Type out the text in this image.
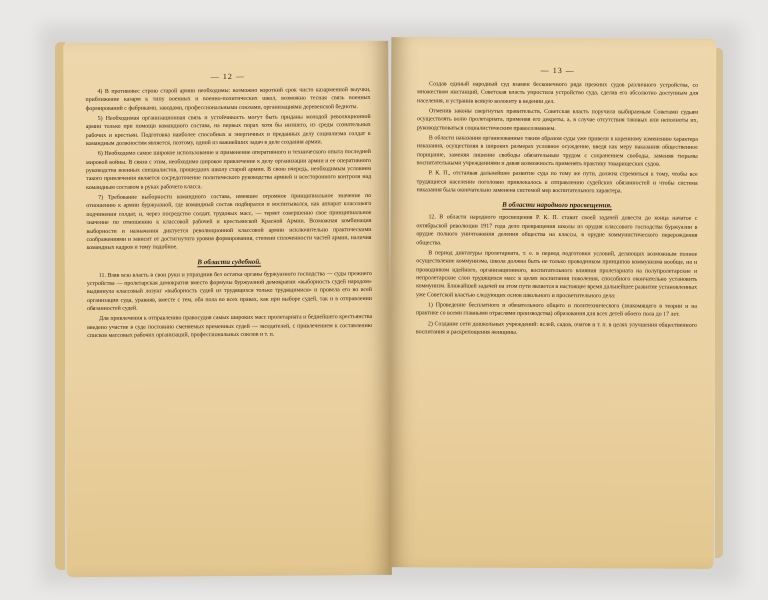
— 12 —

4) В противовес строю старой армии необходимы: возможно короткий срок чисто казарменной выучки, приближение казарм к типу военных и военно-политических школ, возможно тесная связь военных формирований с фабриками, заводами, профессиональными союзами, организациями деревенской бедноты.

5) Необходимая организационная связь и устойчивость могут быть приданы молодой революционной армии только при помощи командного состава, на первых порах хотя бы низшего, из среды сознательных рабочих и крестьян. Подготовка наиболее способных и энергичных и преданных делу социализма солдат к командным должностям является, поэтому, одной из важнейших задач в деле создания армии.

6) Необходимо самое широкое использование и применение оперативного и технического опыта последней мировой войны. В связи с этим, необходимо широкое привлечение к делу организации армии и ее оперативного руководства военных специалистов, прошедших школу старой армии. В свою очередь, необходимым условием такого привлечения является сосредоточение политического руководства армией и всесторонного контроля над командным составом в руках рабочего класса.

7) Требование выборности командного состава, имевшее огромное принципиальное значение по отношению к армии буржуазной, где командный состав подбирался и воспитывался, как аппарат классового подчинения солдат, и, через посредство солдат, трудовых масс, — теряет совершенно свое принципиальное значение по отношению к классовой рабочей и крестьянской Красной Армии. Возможная комбинация выборности и назначения диктуется революционной классовой армии исключительно практическими соображениями и зависит от достигнутого уровня формирования, степени сплоченности частей армии, наличия командных кадров и тому подобное.

В области судебной.

11. Взяв всю власть в свои руки и упразднив без остатка органы буржуазного господства — суды прежнего устройства — пролетарская демократия вместо формулы буржуазной демократии «выборность судей народом» выдвинула классовый лозунг «выборность судей из трудящихся только трудящимися» и провела его во всей организации суда, уравняв, вместе с тем, оба пола во всех правах, как при выборе судей, так и в отправлении обязанностей судей.

Для привлечения к отправлению правосудия самых широких масс пролетариата и беднейшего крестьянства введено участие в суде постоянно сменяемых временных судей — заседателей, с привлечением к составлению списков массовых рабочих организаций, профессиональных союзов и т. п.

— 13 —

Создав единый народный суд взамен бесконечного ряда прежних судов различного устройства, со множеством инстанций, Советская власть упростила устройство суда, сделав его абсолютно доступным для населения, и устранив всякую волокиту в ведении дел.

Отменив законы свергнутых правительств, Советская власть поручила выбираемым Советами судьям осуществлять волю пролетариата, применяя его декреты, а, в случае отсутствия таковых или неполноты их, руководствоваться социалистическим правосознанием.

В области наказания организованные таким образом суды уже привели к коренному изменению характера наказания, осуществляя в широких размерах условное осуждение, введя как меру наказания общественное порицание, заменяя лишение свободы обязательным трудом с сохранением свободы, заменяя тюрьмы воспитательными учреждениями и давая возможность применять практику товарищеских судов.

Р. К. П., отстаивая дальнейшее развитие суда по тому же пути, должна стремиться к тому, чтобы все трудящиеся население поголовно привлекалось к отправлению судейских обязанностей и чтобы система наказания была окончательно заменена системой мер воспитательного характера.

В области народного просвещения.

12. В области народного просвещения Р. К. П. ставит своей задачей довести до конца начатое с октябрьской революции 1917 года дело превращения школы из орудия классового господства буржуазии в орудие полного уничтожения деления общества на классы, в орудие коммунистического перерождения общества.

В период диктатуры пролетариата, т. е. в период подготовки условий, делающих возможным полное осуществление коммунизма, школа должна быть не только проводником принципов коммунизма вообще, но и проводником идейного, организационного, воспитательного влияния пролетариата на полупролетарские и непролетарские слои трудящихся масс в целях воспитания поколения, способного окончательно установить коммунизм. Ближайшей задачей на этом пути является в настоящее время дальнейшее развитие установленных уже Советской властью следующих основ школьного и просветительного дела:

1) Проведение бесплатного и обязательного общего и политехнического (знакомящего в теории и на практике со всеми главными отраслями производства) образования для всех детей обоего пола до 17 лет.

2) Создание сети дошкольных учреждений: яслей, садов, очагов и т. п. в целях улучшения общественного воспитания и раскрепощения женщины.
